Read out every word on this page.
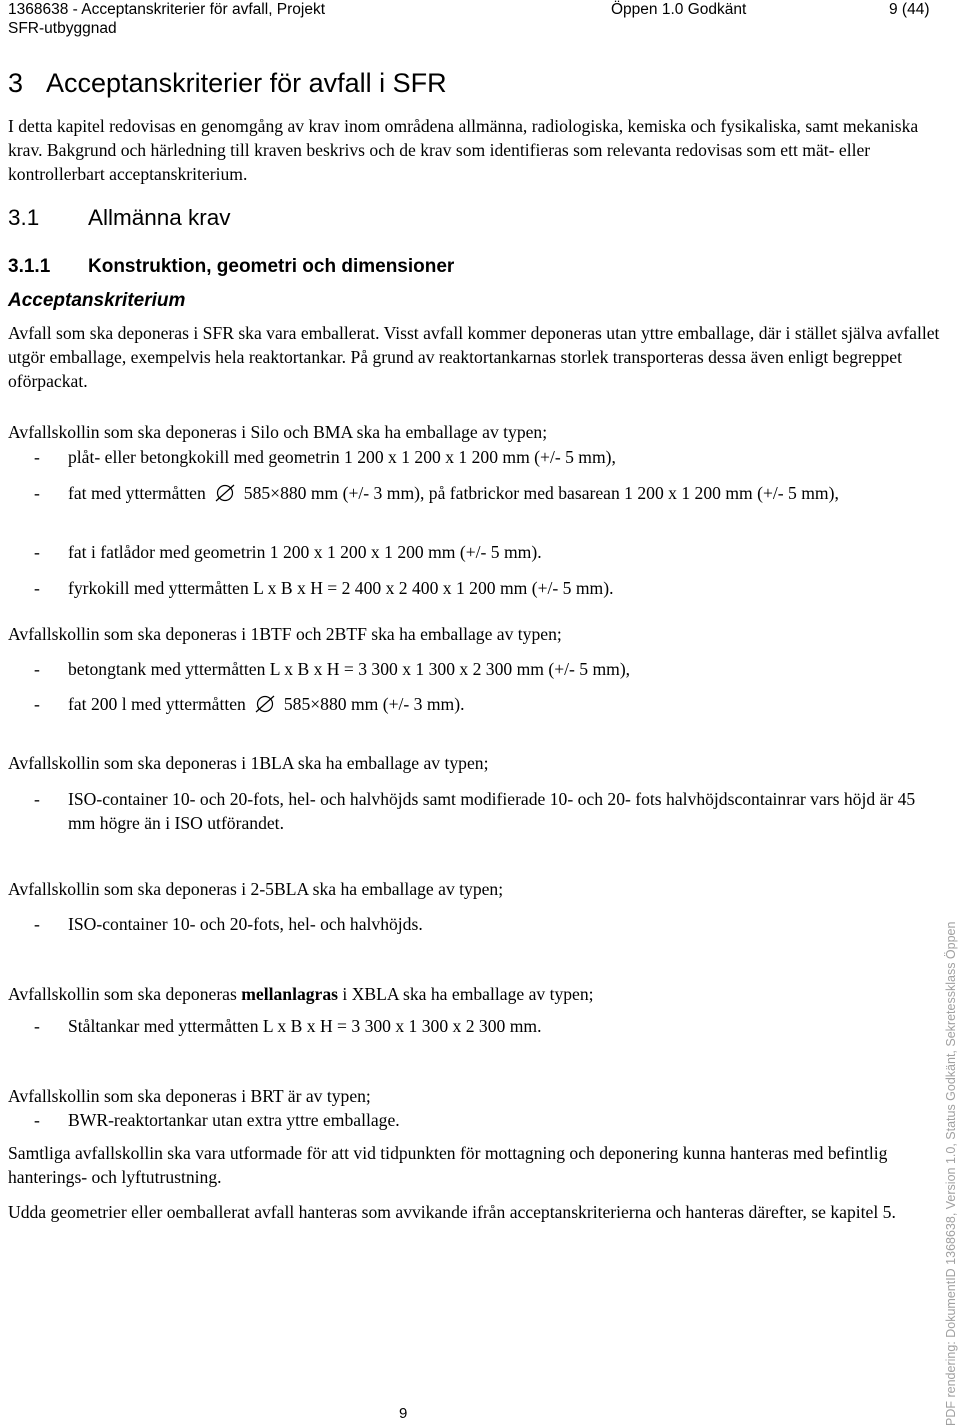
1368638 - Acceptanskriterier för avfall, Projekt SFR-utbyggnad
Öppen 1.0 Godkänt	9 (44)
3 Acceptanskriterier för avfall i SFR

I detta kapitel redovisas en genomgång av krav inom områdena allmänna, radiologiska, kemiska och fysikaliska, samt mekaniska krav. Bakgrund och härledning till kraven beskrivs och de krav som identifieras som relevanta redovisas som ett mät- eller kontrollerbart acceptanskriterium.

3.1 Allmänna krav
3.1.1 Konstruktion, geometri och dimensioner
Acceptanskriterium

Avfall som ska deponeras i SFR ska vara emballerat. Visst avfall kommer deponeras utan yttre emballage, där i stället själva avfallet utgör emballage, exempelvis hela reaktortankar. På grund av reaktortankarnas storlek transporteras dessa även enligt begreppet oförpackat.

Avfallskollin som ska deponeras i Silo och BMA ska ha emballage av typen;

- plåt- eller betongkokill med geometrin 1 200 x 1 200 x 1 200 mm (+/- 5 mm),
- fat med yttermåtten 585×880 mm (+/- 3 mm), på fatbrickor med basarean 1 200 x 1 200 mm (+/- 5 mm),
- fat i fatlådor med geometrin 1 200 x 1 200 x 1 200 mm (+/- 5 mm).
- fyrkokill med yttermåtten L x B x H = 2 400 x 2 400 x 1 200 mm (+/- 5 mm).

Avfallskollin som ska deponeras i 1BTF och 2BTF ska ha emballage av typen;

- betongtank med yttermåtten L x B x H = 3 300 x 1 300 x 2 300 mm (+/- 5 mm),
- fat 200 l med yttermåtten 585×880 mm (+/- 3 mm).

Avfallskollin som ska deponeras i 1BLA ska ha emballage av typen;

- ISO-container 10- och 20-fots, hel- och halvhöjds samt modifierade 10- och 20- fots halvhöjdscontainrar vars höjd är 45 mm högre än i ISO utförandet.

Avfallskollin som ska deponeras i 2-5BLA ska ha emballage av typen;

- ISO-container 10- och 20-fots, hel- och halvhöjds.

Avfallskollin som ska deponeras mellanlagras i XBLA ska ha emballage av typen;

- Ståltankar med yttermåtten L x B x H = 3 300 x 1 300 x 2 300 mm.

Avfallskollin som ska deponeras i BRT är av typen;

- BWR-reaktortankar utan extra yttre emballage.

Samtliga avfallskollin ska vara utformade för att vid tidpunkten för mottagning och deponering kunna hanteras med befintlig hanterings- och lyftutrustning.

Udda geometrier eller oemballerat avfall hanteras som avvikande ifrån acceptanskriterierna och hanteras därefter, se kapitel 5.

9	PDF rendering: DokumentID 1368638, Version 1.0, Status Godkänt, Sekretessklass Öppen
